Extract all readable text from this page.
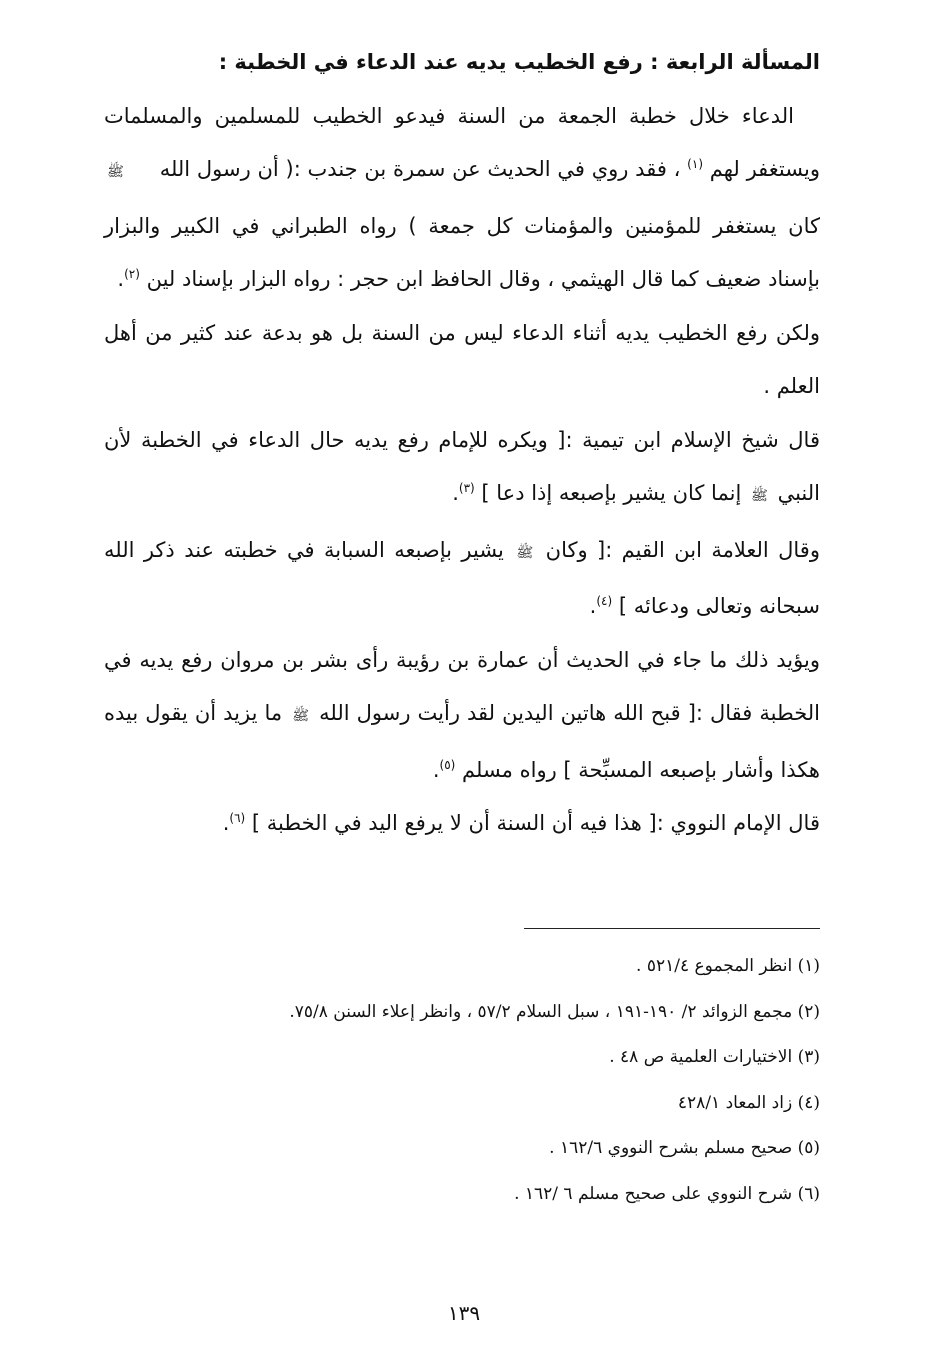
المسألة الرابعة : رفع الخطيب يديه عند الدعاء في الخطبة :

الدعاء خلال خطبة الجمعة من السنة فيدعو الخطيب للمسلمين والمسلمات ويستغفر لهم $^{(١)}$ ، فقد روي في الحديث عن سمرة بن جندب :( أن رسول الله ﷺ كان يستغفر للمؤمنين والمؤمنات كل جمعة ) رواه الطبراني في الكبير والبزار بإسناد ضعيف كما قال الهيثمي ، وقال الحافظ ابن حجر : رواه البزار بإسناد لين $^{(٢)}$.

ولكن رفع الخطيب يديه أثناء الدعاء ليس من السنة بل هو بدعة عند كثير من أهل العلم .

قال شيخ الإسلام ابن تيمية :[ ويكره للإمام رفع يديه حال الدعاء في الخطبة لأن النبي ﷺ إنما كان يشير بإصبعه إذا دعا ] $^{(٣)}$.

وقال العلامة ابن القيم :[ وكان ﷺ يشير بإصبعه السبابة في خطبته عند ذكر الله سبحانه وتعالى ودعائه ] $^{(٤)}$.

ويؤيد ذلك ما جاء في الحديث أن عمارة بن رؤيبة رأى بشر بن مروان رفع يديه في الخطبة فقال :[ قبح الله هاتين اليدين لقد رأيت رسول الله ﷺ ما يزيد أن يقول بيده هكذا وأشار بإصبعه المسبِّحة ] رواه مسلم $^{(٥)}$.

قال الإمام النووي :[ هذا فيه أن السنة أن لا يرفع اليد في الخطبة ] $^{(٦)}$.

(١) انظر المجموع ٥٢١/٤ .

(٢) مجمع الزوائد ٢/ ١٩٠-١٩١ ، سبل السلام ٥٧/٢ ، وانظر إعلاء السنن ٧٥/٨.

(٣) الاختيارات العلمية ص ٤٨ .

(٤) زاد المعاد ٤٢٨/١

(٥) صحيح مسلم بشرح النووي ١٦٢/٦ .

(٦) شرح النووي على صحيح مسلم ٦ /١٦٢ .

١٣٩
